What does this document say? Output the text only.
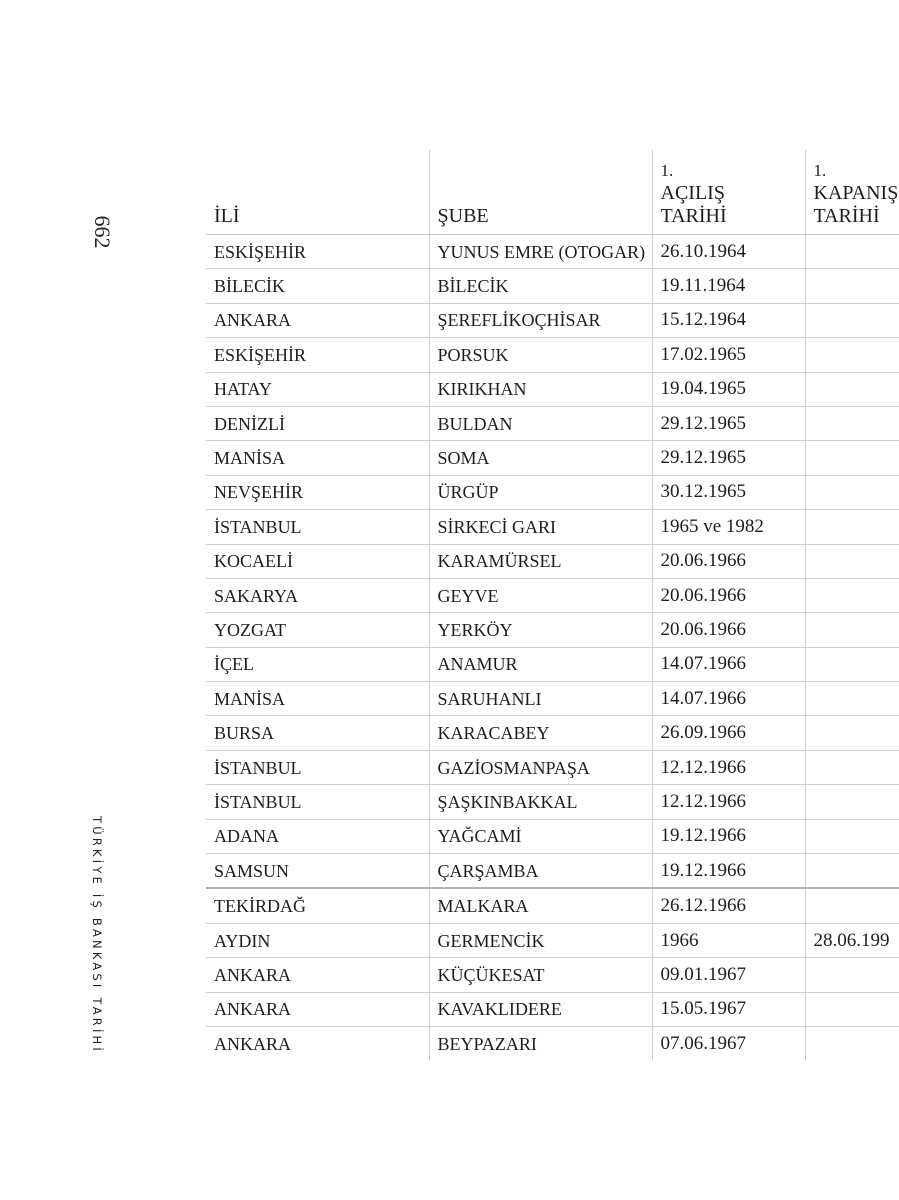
662
TÜRKİYE İŞ BANKASI TARİHİ
İLİ	ŞUBE	1.
AÇILIŞ
TARİHİ	1.
KAPANIŞ
TARİHİ

ESKİŞEHİR	YUNUS EMRE (OTOGAR)	26.10.1964	
BİLECİK	BİLECİK	19.11.1964	
ANKARA	ŞEREFLİKOÇHİSAR	15.12.1964	
ESKİŞEHİR	PORSUK	17.02.1965	
HATAY	KIRIKHAN	19.04.1965	
DENİZLİ	BULDAN	29.12.1965	
MANİSA	SOMA	29.12.1965	
NEVŞEHİR	ÜRGÜP	30.12.1965	
İSTANBUL	SİRKECİ GARI	1965 ve 1982	
KOCAELİ	KARAMÜRSEL	20.06.1966	
SAKARYA	GEYVE	20.06.1966	
YOZGAT	YERKÖY	20.06.1966	
İÇEL	ANAMUR	14.07.1966	
MANİSA	SARUHANLI	14.07.1966	
BURSA	KARACABEY	26.09.1966	
İSTANBUL	GAZİOSMANPAŞA	12.12.1966	
İSTANBUL	ŞAŞKINBAKKAL	12.12.1966	
ADANA	YAĞCAMİ	19.12.1966	
SAMSUN	ÇARŞAMBA	19.12.1966	
TEKİRDAĞ	MALKARA	26.12.1966	
AYDIN	GERMENCİK	1966	28.06.199
ANKARA	KÜÇÜKESAT	09.01.1967	
ANKARA	KAVAKLIDERE	15.05.1967	
ANKARA	BEYPAZARI	07.06.1967	
